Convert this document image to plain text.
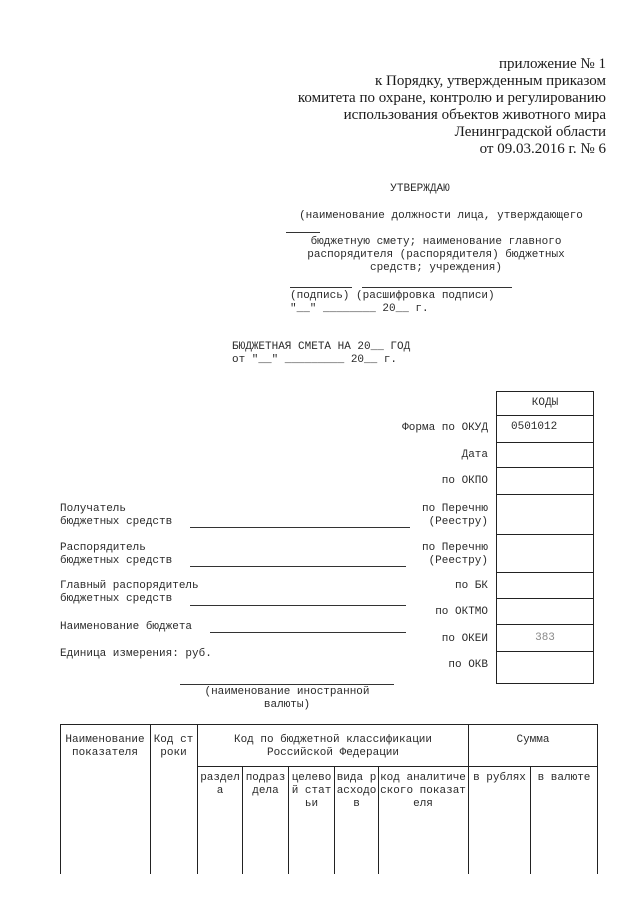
приложение № 1
к Порядку, утвержденным приказом
комитета по охране, контролю и регулированию
использования объектов животного мира
Ленинградской области
от 09.03.2016 г. № 6
УТВЕРЖДАЮ
(наименование должности лица, утверждающего
бюджетную смету; наименование главного
распорядителя (распорядителя) бюджетных
средств; учреждения)
(подпись) (расшифровка подписи)
"__" ________ 20__ г.
БЮДЖЕТНАЯ СМЕТА НА 20__ ГОД
от "__" _________ 20__ г.
КОДЫ
0501012
383
Форма по ОКУД
Дата
по ОКПО
по Перечню
(Реестру)
по Перечню
(Реестру)
по БК
по ОКТМО
по ОКЕИ
по ОКВ
Получатель
бюджетных средств
Распорядитель
бюджетных средств
Главный распорядитель
бюджетных средств
Наименование бюджета
Единица измерения: руб.
(наименование иностранной
валюты)
Наименование показателя
Код строки
Код по бюджетной классификации Российской Федерации
Сумма
раздела
подраздела
целевой статьи
вида расходов
код аналитического показателя
в рублях	в валюте
